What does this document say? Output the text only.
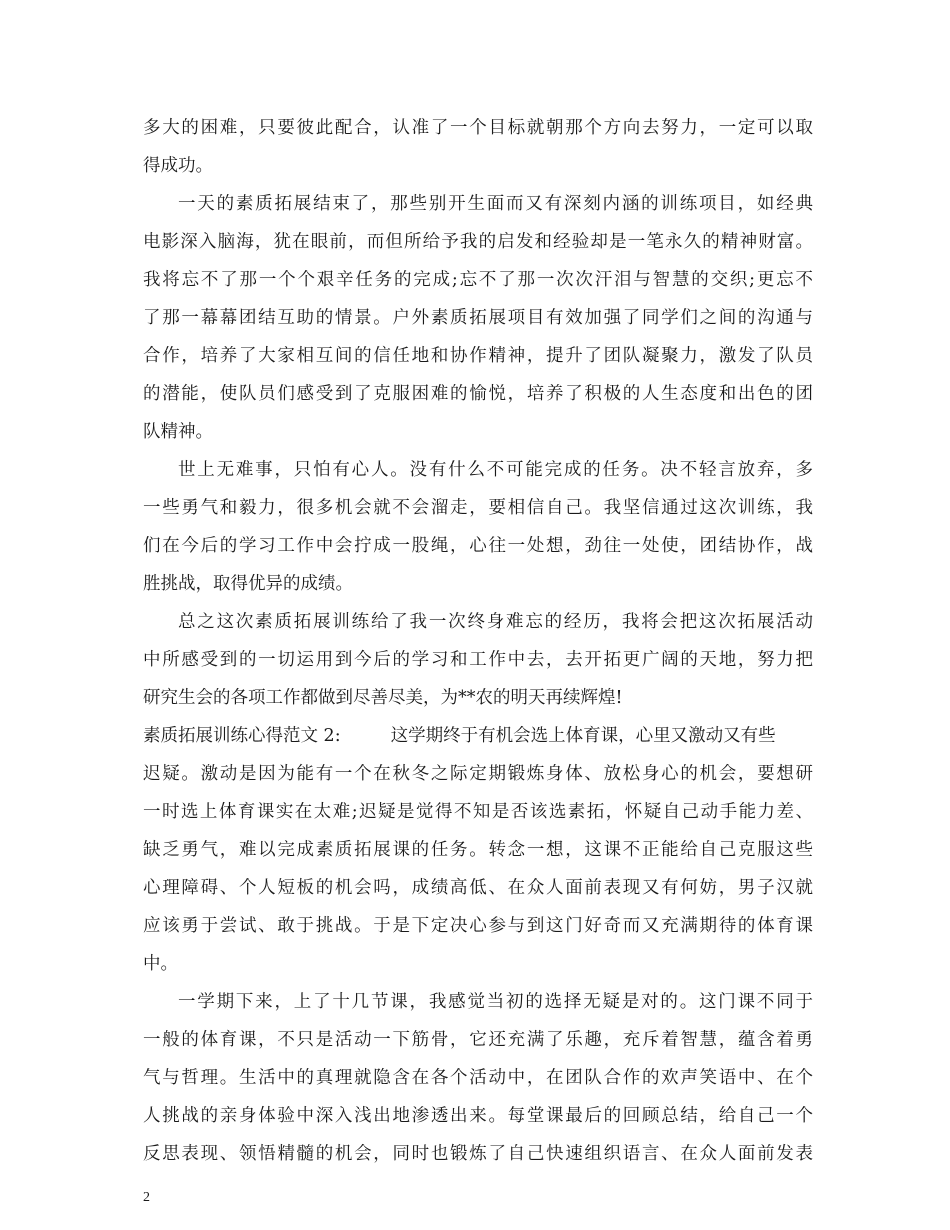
多大的困难，只要彼此配合，认准了一个目标就朝那个方向去努力，一定可以取
得成功。
一天的素质拓展结束了，那些别开生面而又有深刻内涵的训练项目，如经典
电影深入脑海，犹在眼前，而但所给予我的启发和经验却是一笔永久的精神财富。
我将忘不了那一个个艰辛任务的完成;忘不了那一次次汗泪与智慧的交织;更忘不
了那一幕幕团结互助的情景。户外素质拓展项目有效加强了同学们之间的沟通与
合作，培养了大家相互间的信任地和协作精神，提升了团队凝聚力，激发了队员
的潜能，使队员们感受到了克服困难的愉悦，培养了积极的人生态度和出色的团
队精神。
世上无难事，只怕有心人。没有什么不可能完成的任务。决不轻言放弃，多
一些勇气和毅力，很多机会就不会溜走，要相信自己。我坚信通过这次训练，我
们在今后的学习工作中会拧成一股绳，心往一处想，劲往一处使，团结协作，战
胜挑战，取得优异的成绩。
总之这次素质拓展训练给了我一次终身难忘的经历，我将会把这次拓展活动
中所感受到的一切运用到今后的学习和工作中去，去开拓更广阔的天地，努力把
研究生会的各项工作都做到尽善尽美，为**农的明天再续辉煌!
素质拓展训练心得范文 2:	这学期终于有机会选上体育课，心里又激动又有些
迟疑。激动是因为能有一个在秋冬之际定期锻炼身体、放松身心的机会，要想研
一时选上体育课实在太难;迟疑是觉得不知是否该选素拓，怀疑自己动手能力差、
缺乏勇气，难以完成素质拓展课的任务。转念一想，这课不正能给自己克服这些
心理障碍、个人短板的机会吗，成绩高低、在众人面前表现又有何妨，男子汉就
应该勇于尝试、敢于挑战。于是下定决心参与到这门好奇而又充满期待的体育课
中。
一学期下来，上了十几节课，我感觉当初的选择无疑是对的。这门课不同于
一般的体育课，不只是活动一下筋骨，它还充满了乐趣，充斥着智慧，蕴含着勇
气与哲理。生活中的真理就隐含在各个活动中，在团队合作的欢声笑语中、在个
人挑战的亲身体验中深入浅出地渗透出来。每堂课最后的回顾总结，给自己一个
反思表现、领悟精髓的机会，同时也锻炼了自己快速组织语言、在众人面前发表
2
